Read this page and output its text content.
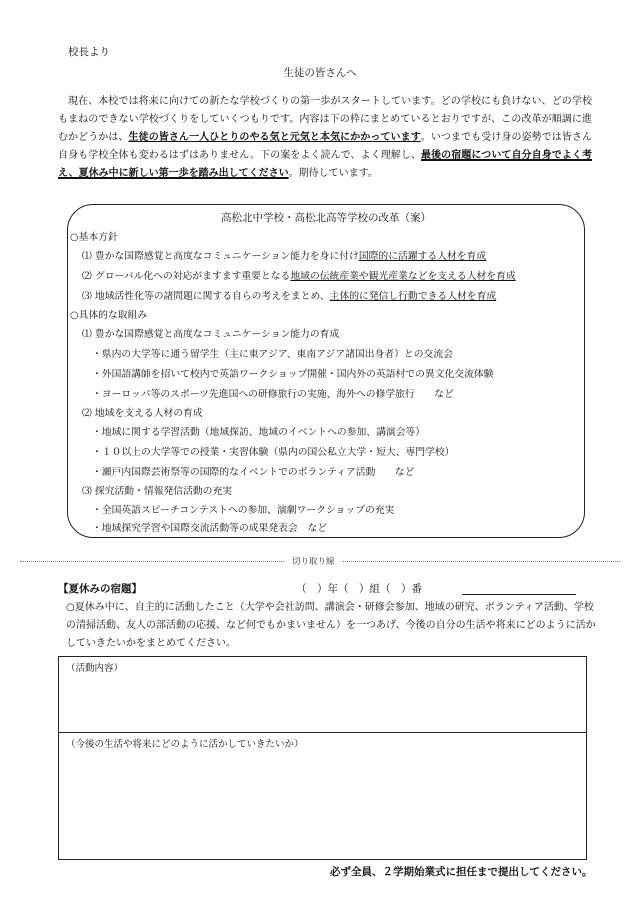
校長より
生徒の皆さんへ
現在、本校では将来に向けての新たな学校づくりの第一歩がスタートしています。どの学校にも負けない、どの学校もまねのできない学校づくりをしていくつもりです。内容は下の枠にまとめているとおりですが、この改革が順調に進むかどうかは、生徒の皆さん一人ひとりのやる気と元気と本気にかかっています。いつまでも受け身の姿勢では皆さん自身も学校全体も変わるはずはありません。下の案をよく読んで、よく理解し、最後の宿題について自分自身でよく考え、夏休み中に新しい第一歩を踏み出してください。期待しています。
高松北中学校・高松北高等学校の改革（案）
○基本方針
⑴ 豊かな国際感覚と高度なコミュニケーション能力を身に付け国際的に活躍する人材を育成
⑵ グローバル化への対応がますます重要となる地域の伝統産業や観光産業などを支える人材を育成
⑶ 地域活性化等の諸問題に関する自らの考えをまとめ、主体的に発信し行動できる人材を育成
○具体的な取組み
⑴ 豊かな国際感覚と高度なコミュニケーション能力の育成
・県内の大学等に通う留学生（主に東アジア、東南アジア諸国出身者）との交流会
・外国語講師を招いて校内で英語ワークショップ開催・国内外の英語村での異文化交流体験
・ヨーロッパ等のスポーツ先進国への研修旅行の実施、海外への修学旅行　　など
⑵ 地域を支える人材の育成
・地域に関する学習活動（地域探訪、地域のイベントへの参加、講演会等）
・１０以上の大学等での授業・実習体験（県内の国公私立大学・短大、専門学校）
・瀬戸内国際芸術祭等の国際的なイベントでのボランティア活動　　など
⑶ 探究活動・情報発信活動の充実
・全国英語スピーチコンテストへの参加、演劇ワークショップの充実
・地域探究学習や国際交流活動等の成果発表会　など
切り取り線
【夏休みの宿題】	（　）年（　）組（　）番
○夏休み中に、自主的に活動したこと（大学や会社訪問、講演会・研修会参加、地域の研究、ボランティア活動、学校の清掃活動、友人の部活動の応援、など何でもかまいません）を一つあげ、今後の自分の生活や将来にどのように活かしていきたいかをまとめてください。
（活動内容）
（今後の生活や将来にどのように活かしていきたいか）
必ず全員、２学期始業式に担任まで提出してください。
